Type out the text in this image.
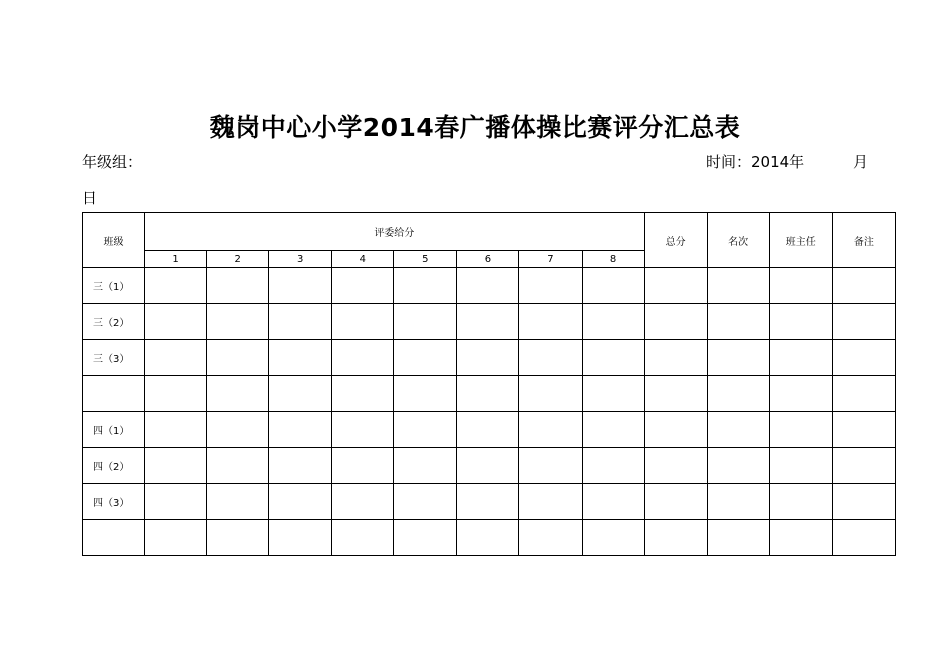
魏岗中心小学2014春广播体操比赛评分汇总表
年级组：	时间：2014年	月
日
班级	评委给分								总分	名次	班主任	备注
	1	2	3	4	5	6	7	8				
三（1）												
三（2）												
三（3）												

四（1）												
四（2）												
四（3）												
